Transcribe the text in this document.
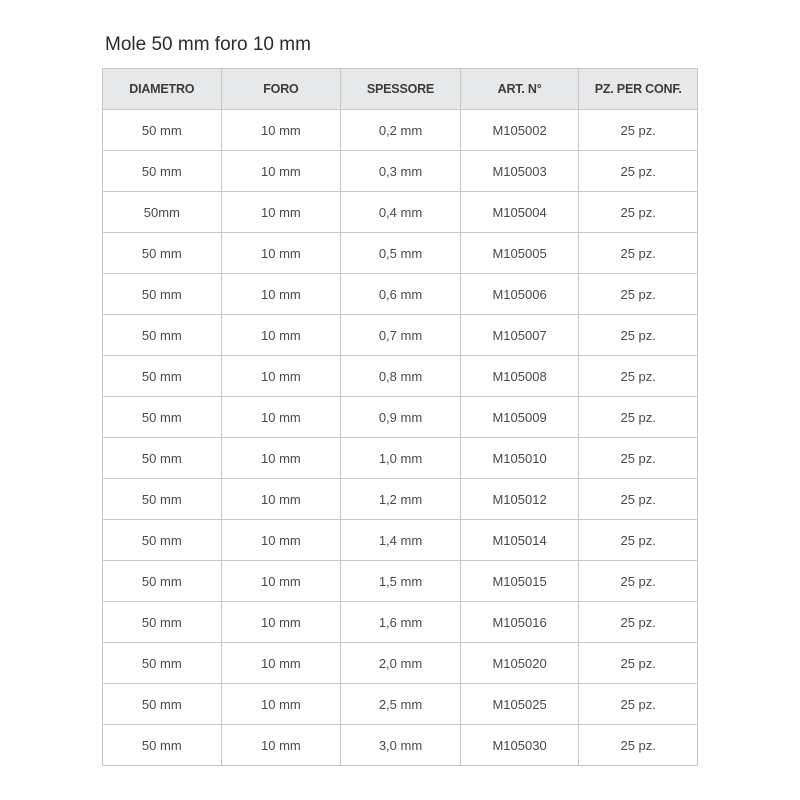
Mole 50 mm foro 10 mm
DIAMETRO	FORO	SPESSORE	ART. N°	PZ. PER CONF.
50 mm	10 mm	0,2 mm	M105002	25 pz.
50 mm	10 mm	0,3 mm	M105003	25 pz.
50mm	10 mm	0,4 mm	M105004	25 pz.
50 mm	10 mm	0,5 mm	M105005	25 pz.
50 mm	10 mm	0,6 mm	M105006	25 pz.
50 mm	10 mm	0,7 mm	M105007	25 pz.
50 mm	10 mm	0,8 mm	M105008	25 pz.
50 mm	10 mm	0,9 mm	M105009	25 pz.
50 mm	10 mm	1,0 mm	M105010	25 pz.
50 mm	10 mm	1,2 mm	M105012	25 pz.
50 mm	10 mm	1,4 mm	M105014	25 pz.
50 mm	10 mm	1,5 mm	M105015	25 pz.
50 mm	10 mm	1,6 mm	M105016	25 pz.
50 mm	10 mm	2,0 mm	M105020	25 pz.
50 mm	10 mm	2,5 mm	M105025	25 pz.
50 mm	10 mm	3,0 mm	M105030	25 pz.
